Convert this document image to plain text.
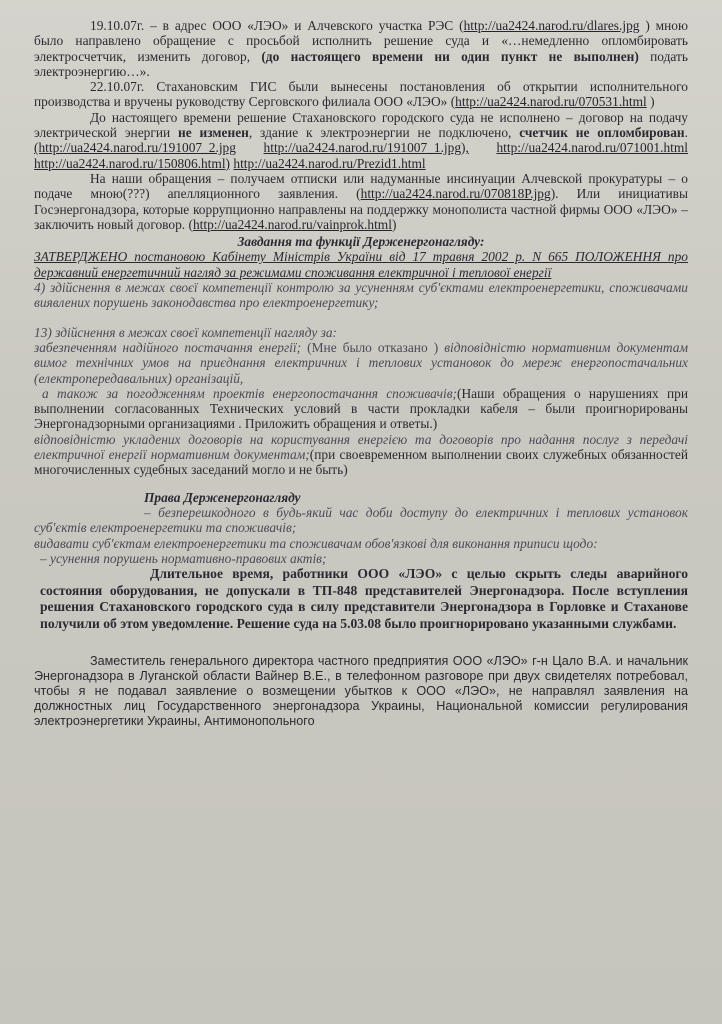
19.10.07г. – в адрес ООО «ЛЭО» и Алчевского участка РЭС (http://ua2424.narod.ru/dlares.jpg ) мною было направлено обращение с просьбой исполнить решение суда и «…немедленно опломбировать электросчетчик, изменить договор, (до настоящего времени ни один пункт не выполнен) подать электроэнергию…».

22.10.07г. Стахановским ГИС были вынесены постановления об открытии исполнительного производства и вручены руководству Серговского филиала ООО «ЛЭО» (http://ua2424.narod.ru/070531.html )

До настоящего времени решение Стахановского городского суда не исполнено – договор на подачу электрической энергии не изменен, здание к электроэнергии не подключено, счетчик не опломбирован. (http://ua2424.narod.ru/191007_2.jpg http://ua2424.narod.ru/191007_1.jpg), http://ua2424.narod.ru/071001.html http://ua2424.narod.ru/150806.html) http://ua2424.narod.ru/Prezid1.html

На наши обращения – получаем отписки или надуманные инсинуации Алчевской прокуратуры – о подаче мною(???) апелляционного заявления. (http://ua2424.narod.ru/070818P.jpg). Или инициативы Госэнергонадзора, которые коррупционно направлены на поддержку монополиста частной фирмы ООО «ЛЭО» – заключить новый договор. (http://ua2424.narod.ru/vainprok.html)

Завдання та функції Держенергонагляду:

ЗАТВЕРДЖЕНО постановою Кабінету Міністрів України від 17 травня 2002 р. N 665 ПОЛОЖЕННЯ про державний енергетичний нагляд за режимами споживання електричної і теплової енергії

4) здійснення в межах своєї компетенції контролю за усуненням суб'єктами електроенергетики, споживачами виявлених порушень законодавства про електроенергетику;

13) здійснення в межах своєї компетенції нагляду за:

забезпеченням надійного постачання енергії; (Мне было отказано ) відповідністю нормативним документам вимог технічних умов на приєднання електричних і теплових установок до мереж енергопостачальних (електропередавальних) організацій,

а також за погодженням проектів енергопостачання споживачів;(Наши обращения о нарушениях при выполнении согласованных Технических условий в части прокладки кабеля – были проигнорированы Энергонадзорными организациями . Приложить обращения и ответы.)

відповідністю укладених договорів на користування енергією та договорів про надання послуг з передачі електричної енергії нормативним документам;(при своевременном выполнении своих служебных обязанностей многочисленных судебных заседаний могло и не быть)

Права Держенергонагляду

– безперешкодного в будь-який час доби доступу до електричних і теплових установок суб'єктів електроенергетики та споживачів;

видавати суб'єктам електроенергетики та споживачам обов'язкові для виконання приписи щодо:

– усунення порушень нормативно-правових актів;

Длительное время, работники ООО «ЛЭО» с целью скрыть следы аварийного состояния оборудования, не допускали в ТП-848 представителей Энергонадзора. После вступления решения Стахановского городского суда в силу представители Энергонадзора в Горловке и Стаханове получили об этом уведомление. Решение суда на 5.03.08 было проигнорировано указанными службами.

Заместитель генерального директора частного предприятия ООО «ЛЭО» г-н Цало В.А. и начальник Энергонадзора в Луганской области Вайнер В.Е., в телефонном разговоре при двух свидетелях потребовал, чтобы я не подавал заявление о возмещении убытков к ООО «ЛЭО», не направлял заявления на должностных лиц Государственного энергонадзора Украины, Национальной комиссии регулирования электроэнергетики Украины, Антимонопольного
